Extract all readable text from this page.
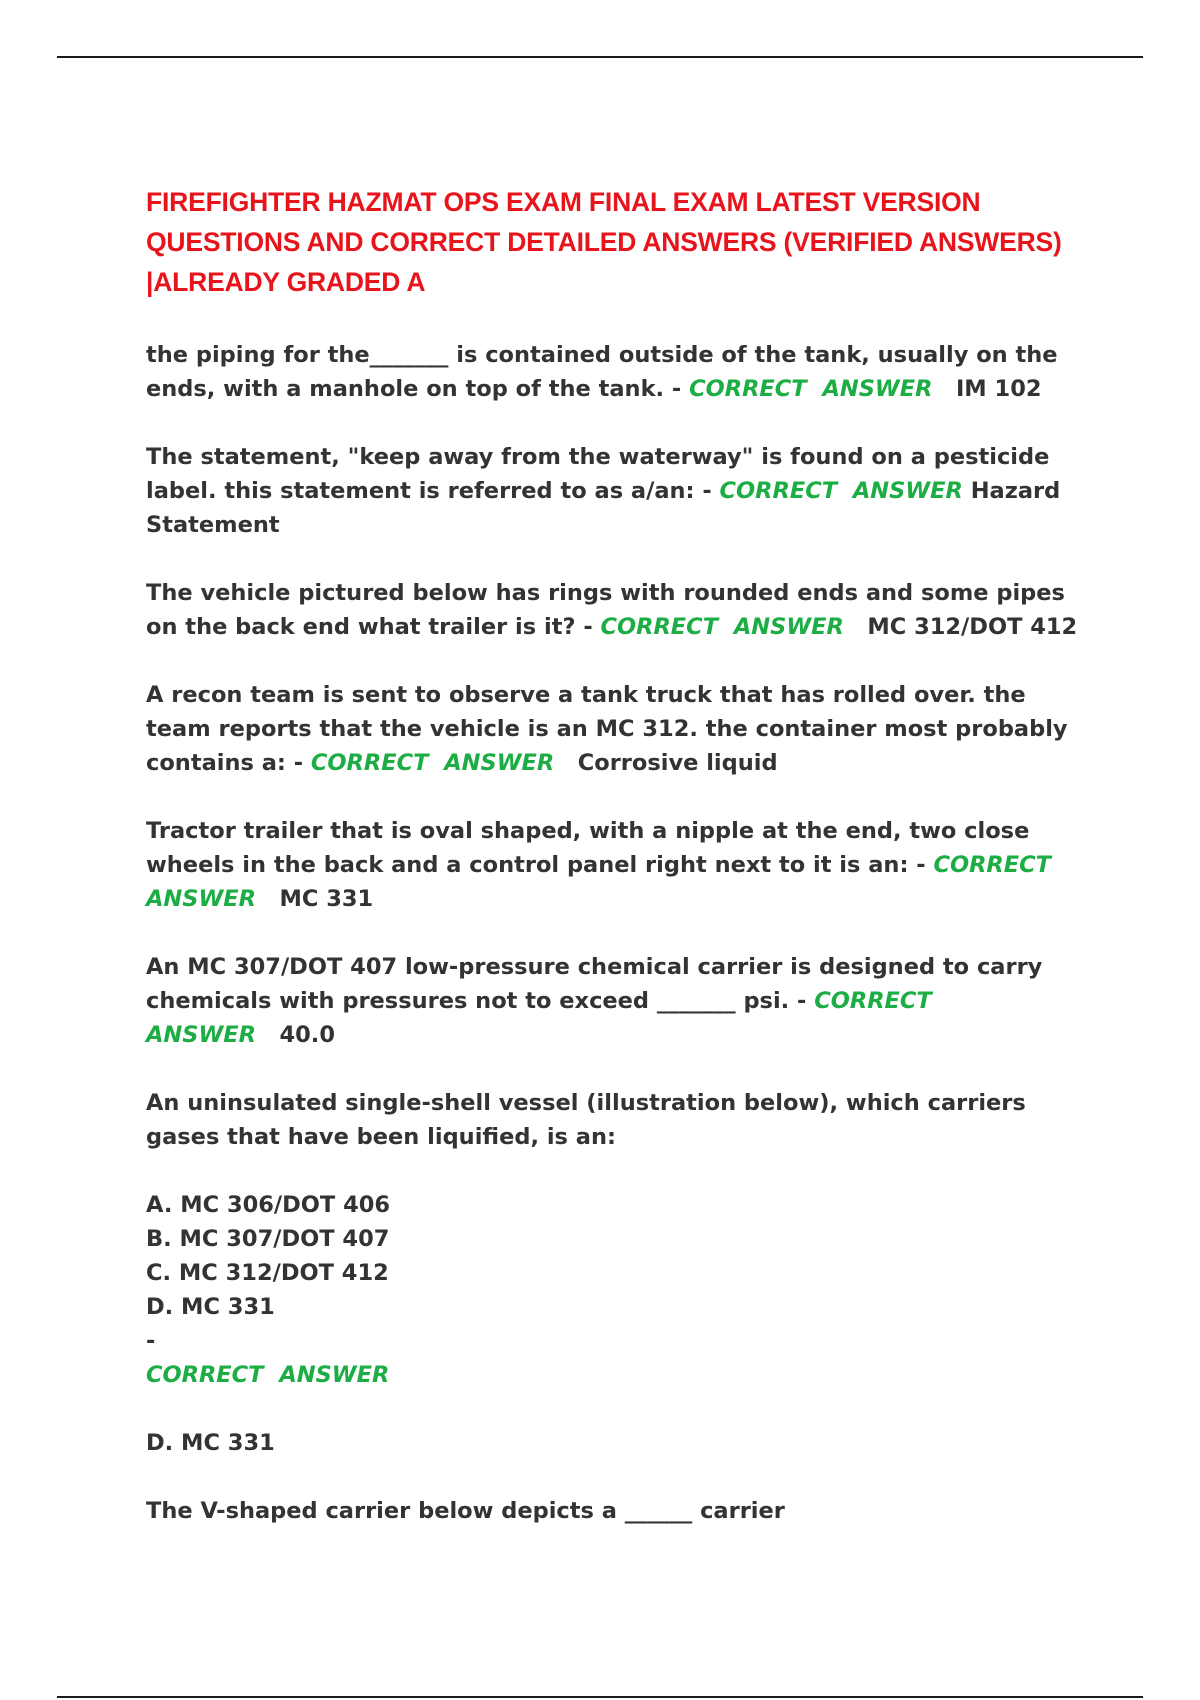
FIREFIGHTER HAZMAT OPS EXAM FINAL EXAM LATEST VERSION
QUESTIONS AND CORRECT DETAILED ANSWERS (VERIFIED ANSWERS)
|ALREADY GRADED A

the piping for the_______ is contained outside of the tank, usually on the ends, with a manhole on top of the tank. - CORRECT ANSWER IM 102

The statement, "keep away from the waterway" is found on a pesticide label. this statement is referred to as a/an: - CORRECT ANSWER Hazard Statement

The vehicle pictured below has rings with rounded ends and some pipes on the back end what trailer is it? - CORRECT ANSWER MC 312/DOT 412

A recon team is sent to observe a tank truck that has rolled over. the team reports that the vehicle is an MC 312. the container most probably contains a: - CORRECT ANSWER Corrosive liquid

Tractor trailer that is oval shaped, with a nipple at the end, two close wheels in the back and a control panel right next to it is an: - CORRECT ANSWER MC 331

An MC 307/DOT 407 low-pressure chemical carrier is designed to carry chemicals with pressures not to exceed _______ psi. - CORRECT ANSWER 40.0

An uninsulated single-shell vessel (illustration below), which carriers gases that have been liquified, is an:

A. MC 306/DOT 406
B. MC 307/DOT 407
C. MC 312/DOT 412
D. MC 331
-
CORRECT ANSWER

D. MC 331

The V-shaped carrier below depicts a ______ carrier
